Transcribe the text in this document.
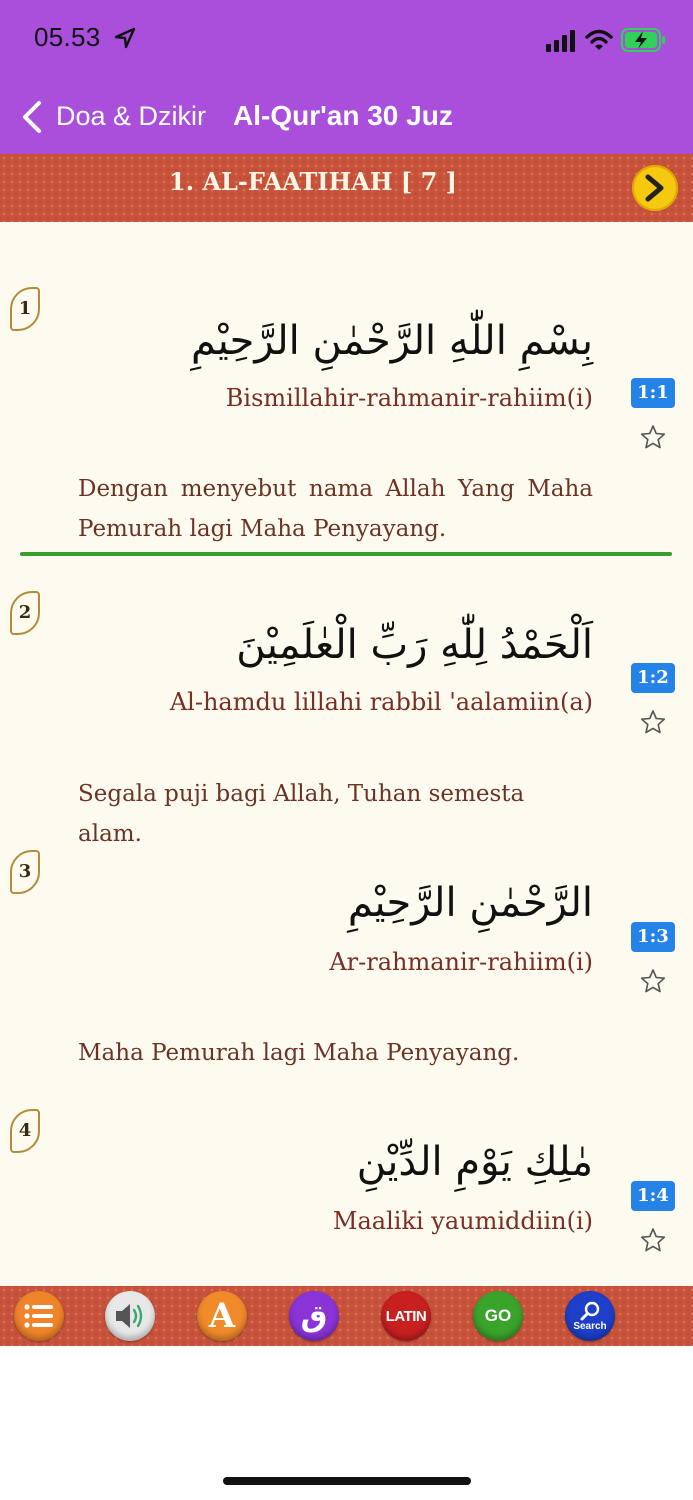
05.53
Doa & Dzikir Al-Qur'an 30 Juz
1. AL-FAATIHAH [ 7 ]
1
بِسْمِ اللّٰهِ الرَّحْمٰنِ الرَّحِيْمِ
Bismillahir-rahmanir-rahiim(i)	1:1
Dengan menyebut nama Allah Yang Maha Pemurah lagi Maha Penyayang.
2
اَلْحَمْدُ لِلّٰهِ رَبِّ الْعٰلَمِيْنَ
Al-hamdu lillahi rabbil 'aalamiin(a)
1:2
Segala puji bagi Allah, Tuhan semesta alam.
3
الرَّحْمٰنِ الرَّحِيْمِ
Ar-rahmanir-rahiim(i)
1:3
Maha Pemurah lagi Maha Penyayang.
4
مٰلِكِ يَوْمِ الدِّيْنِ
Maaliki yaumiddiin(i)
1:4
A	ق	LATIN	GO
Search
